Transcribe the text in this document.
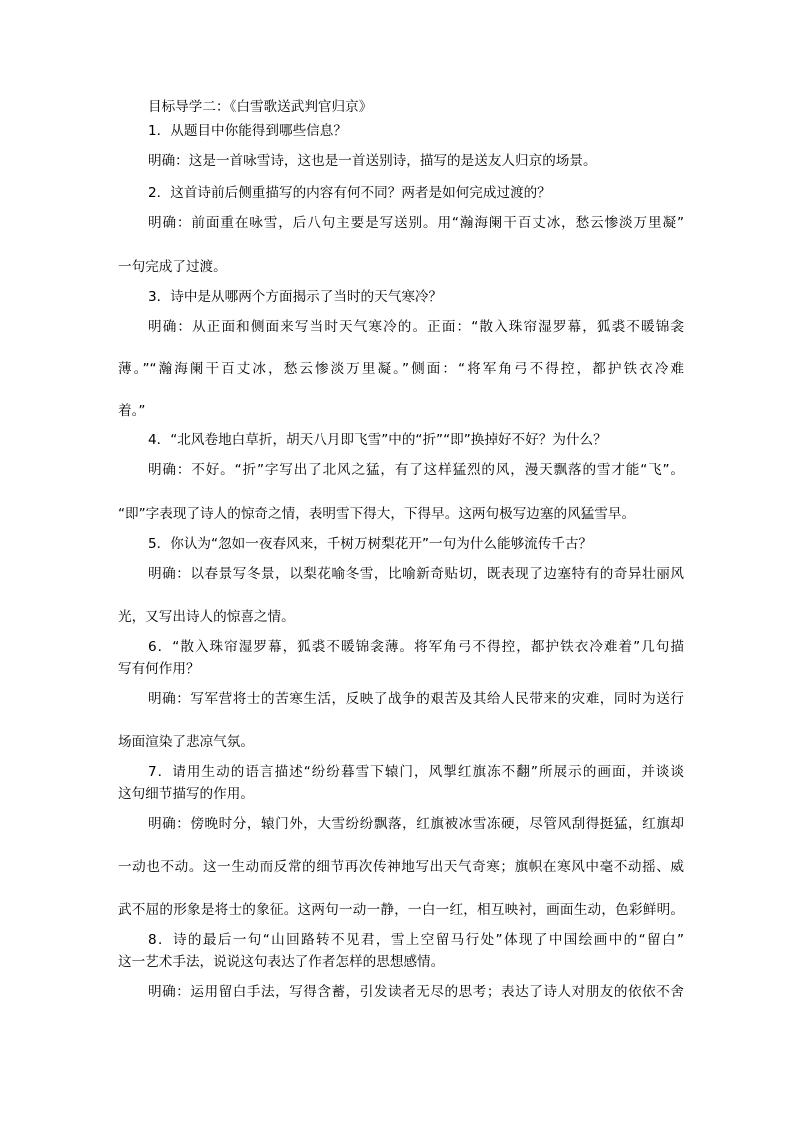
目标导学二：《白雪歌送武判官归京》
1．从题目中你能得到哪些信息？
明确：这是一首咏雪诗，这也是一首送别诗，描写的是送友人归京的场景。
2．这首诗前后侧重描写的内容有何不同？两者是如何完成过渡的？
明确：前面重在咏雪，后八句主要是写送别。用“瀚海阑干百丈冰，愁云惨淡万里凝”
一句完成了过渡。
3．诗中是从哪两个方面揭示了当时的天气寒冷？
明确：从正面和侧面来写当时天气寒冷的。正面：“散入珠帘湿罗幕，狐裘不暖锦衾
薄。”“瀚海阑干百丈冰，愁云惨淡万里凝。”侧面：“将军角弓不得控，都护铁衣冷难
着。”
4．“北风卷地白草折，胡天八月即飞雪”中的“折”“即”换掉好不好？为什么？
明确：不好。“折”字写出了北风之猛，有了这样猛烈的风，漫天飘落的雪才能“飞”。
“即”字表现了诗人的惊奇之情，表明雪下得大，下得早。这两句极写边塞的风猛雪早。
5．你认为“忽如一夜春风来，千树万树梨花开”一句为什么能够流传千古？
明确：以春景写冬景，以梨花喻冬雪，比喻新奇贴切，既表现了边塞特有的奇异壮丽风
光，又写出诗人的惊喜之情。
6．“散入珠帘湿罗幕，狐裘不暖锦衾薄。将军角弓不得控，都护铁衣冷难着”几句描
写有何作用？
明确：写军营将士的苦寒生活，反映了战争的艰苦及其给人民带来的灾难，同时为送行
场面渲染了悲凉气氛。
7．请用生动的语言描述“纷纷暮雪下辕门，风掣红旗冻不翻”所展示的画面，并谈谈
这句细节描写的作用。
明确：傍晚时分，辕门外，大雪纷纷飘落，红旗被冰雪冻硬，尽管风刮得挺猛，红旗却
一动也不动。这一生动而反常的细节再次传神地写出天气奇寒；旗帜在寒风中毫不动摇、威
武不屈的形象是将士的象征。这两句一动一静，一白一红，相互映衬，画面生动，色彩鲜明。
8．诗的最后一句“山回路转不见君，雪上空留马行处”体现了中国绘画中的“留白”
这一艺术手法，说说这句表达了作者怎样的思想感情。
明确：运用留白手法，写得含蓄，引发读者无尽的思考；表达了诗人对朋友的依依不舍
